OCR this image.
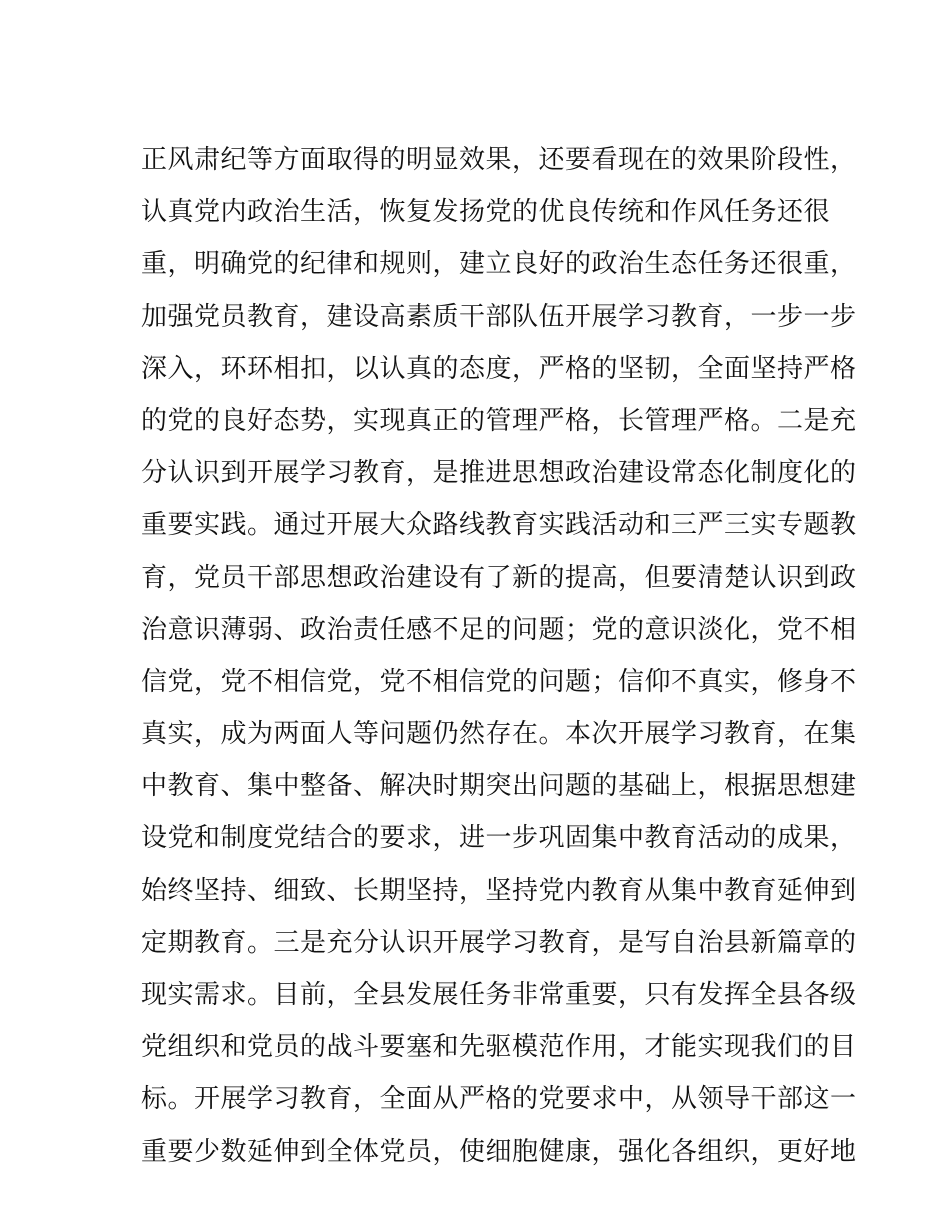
正风肃纪等方面取得的明显效果，还要看现在的效果阶段性，
认真党内政治生活，恢复发扬党的优良传统和作风任务还很
重，明确党的纪律和规则，建立良好的政治生态任务还很重，
加强党员教育，建设高素质干部队伍开展学习教育，一步一步
深入，环环相扣，以认真的态度，严格的坚韧，全面坚持严格
的党的良好态势，实现真正的管理严格，长管理严格。二是充
分认识到开展学习教育，是推进思想政治建设常态化制度化的
重要实践。通过开展大众路线教育实践活动和三严三实专题教
育，党员干部思想政治建设有了新的提高，但要清楚认识到政
治意识薄弱、政治责任感不足的问题；党的意识淡化，党不相
信党，党不相信党，党不相信党的问题；信仰不真实，修身不
真实，成为两面人等问题仍然存在。本次开展学习教育，在集
中教育、集中整备、解决时期突出问题的基础上，根据思想建
设党和制度党结合的要求，进一步巩固集中教育活动的成果，
始终坚持、细致、长期坚持，坚持党内教育从集中教育延伸到
定期教育。三是充分认识开展学习教育，是写自治县新篇章的
现实需求。目前，全县发展任务非常重要，只有发挥全县各级
党组织和党员的战斗要塞和先驱模范作用，才能实现我们的目
标。开展学习教育，全面从严格的党要求中，从领导干部这一
重要少数延伸到全体党员，使细胞健康，强化各组织，更好地
